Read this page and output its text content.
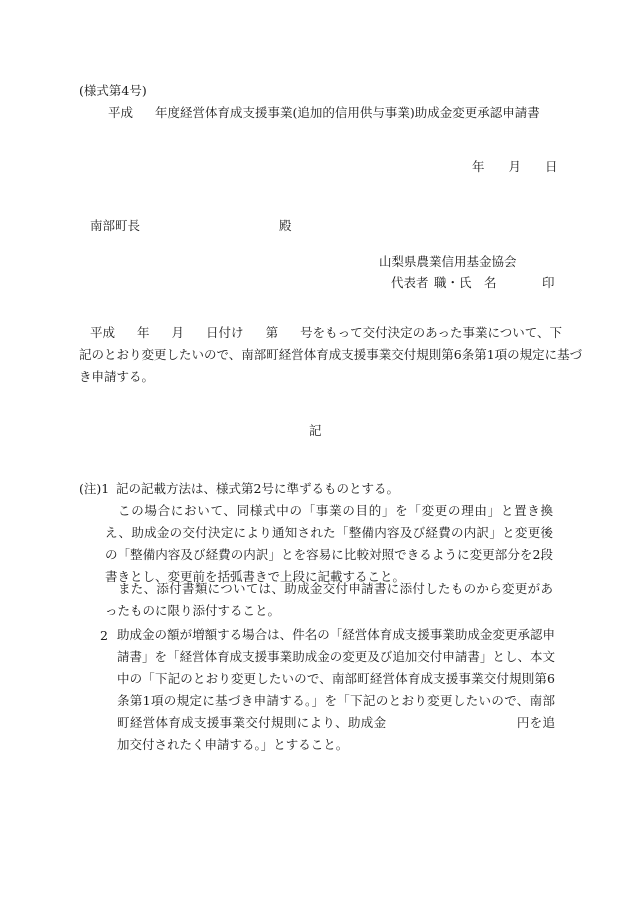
(様式第4号)
平成 年度経営体育成支援事業(追加的信用供与事業)助成金変更承認申請書
年 月 日
南部町長	殿
山梨県農業信用基金協会
代表者 職・氏　名	印
平成 年 月 日付け 第 号をもって交付決定のあった事業について、下
記のとおり変更したいので、南部町経営体育成支援事業交付規則第6条第1項の規定に基づ
き申請する。
記
(注)1 記の記載方法は、様式第2号に準ずるものとする。
この場合において、同様式中の「事業の目的」を「変更の理由」と置き換え、助成金の交付決定により通知された「整備内容及び経費の内訳」と変更後の「整備内容及び経費の内訳」とを容易に比較対照できるように変更部分を2段書きとし、変更前を括弧書きで上段に記載すること。
また、添付書類については、助成金交付申請書に添付したものから変更があったものに限り添付すること。
2 助成金の額が増額する場合は、件名の「経営体育成支援事業助成金変更承認申請書」を「経営体育成支援事業助成金の変更及び追加交付申請書」とし、本文中の「下記のとおり変更したいので、南部町経営体育成支援事業交付規則第6条第1項の規定に基づき申請する。」を「下記のとおり変更したいので、南部町経営体育成支援事業交付規則により、助成金	円を追加交付されたく申請する。」とすること。
